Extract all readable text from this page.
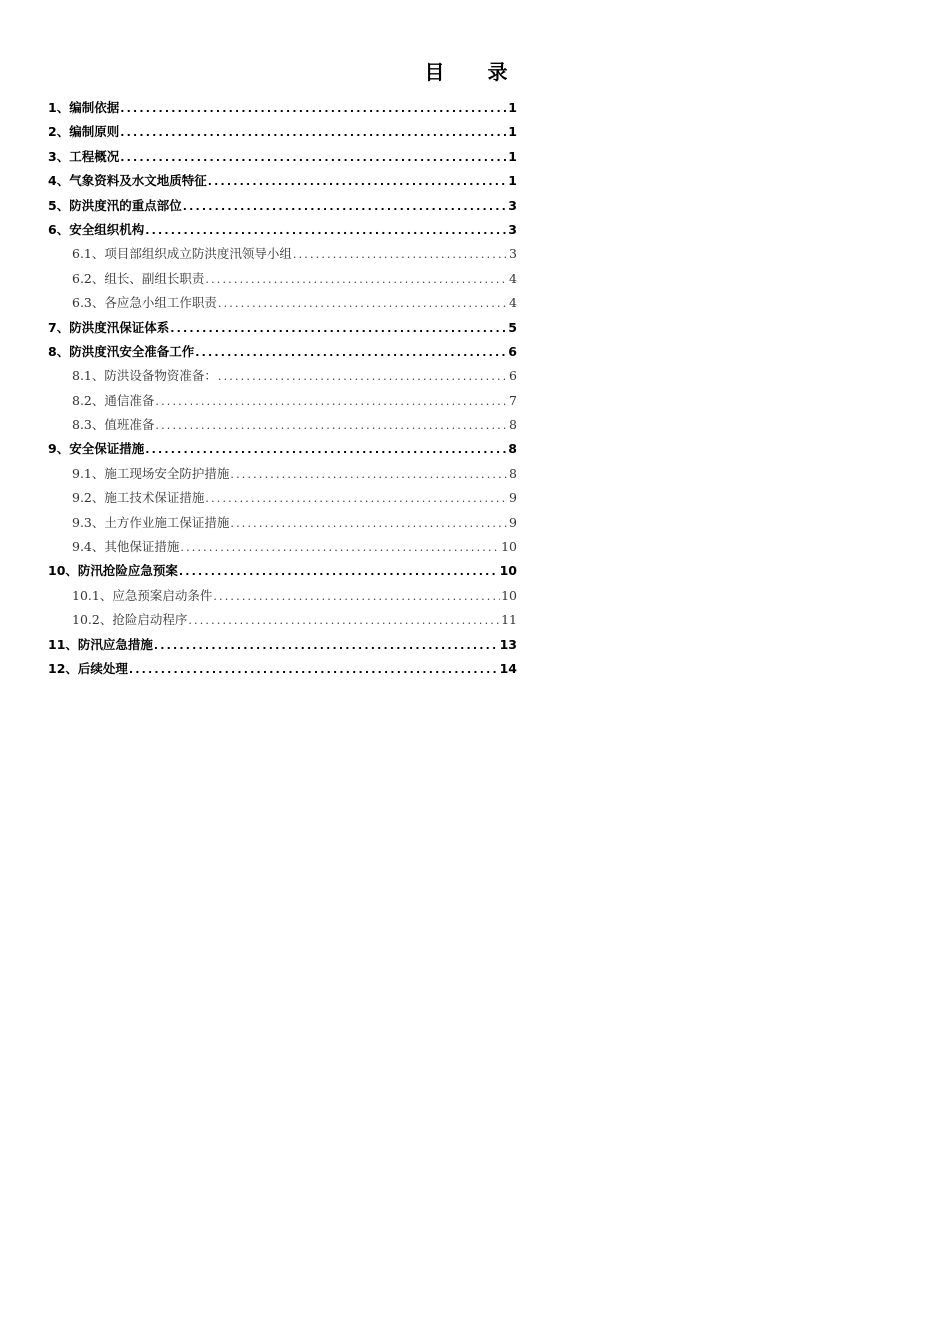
目 录
1、编制依据 .....	1
2、编制原则 .....	1
3、工程概况 .....	1
4、气象资料及水文地质特征 .....	1
5、防洪度汛的重点部位 .....	3
6、安全组织机构 .....	3
6.1、项目部组织成立防洪度汛领导小组 .....	3
6.2、组长、副组长职责 .....	4
6.3、各应急小组工作职责 .....	4
7、防洪度汛保证体系 .....	5
8、防洪度汛安全准备工作 .....	6
8.1、防洪设备物资准备： .....	6
8.2、通信准备 .....	7
8.3、值班准备 .....	8
9、安全保证措施 .....	8
9.1、施工现场安全防护措施 .....	8
9.2、施工技术保证措施 .....	9
9.3、土方作业施工保证措施 .....	9
9.4、其他保证措施 .....	10
10、防汛抢险应急预案 .....	10
10.1、应急预案启动条件 .....	10
10.2、抢险启动程序 .....	11
11、防汛应急措施 .....	13
12、后续处理 .....	14
